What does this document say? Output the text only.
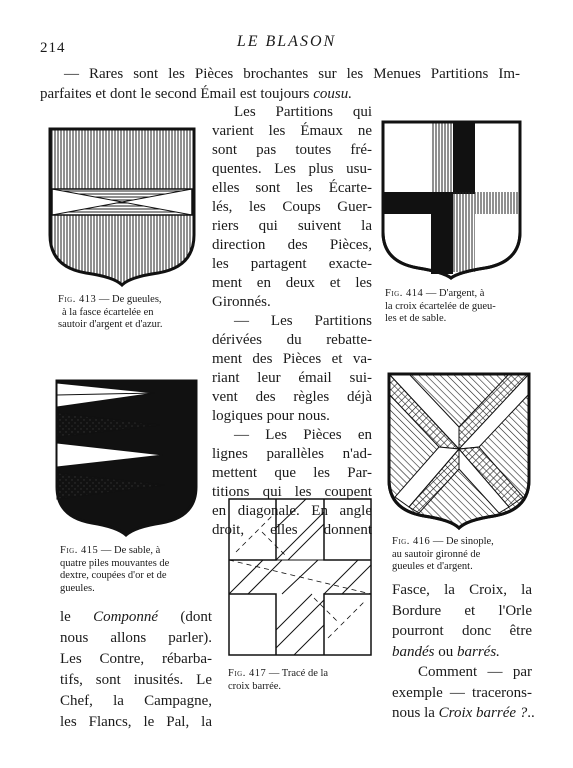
214	LE BLASON
— Rares sont les Pièces brochantes sur les Menues Partitions Im-
parfaites et dont le second Émail est toujours cousu.
Les Partitions qui
varient les Émaux ne
sont pas toutes fré-
quentes. Les plus usu-
elles sont les Écarte-
lés, les Coups Guer-
riers qui suivent la
direction des Pièces,
les partagent exacte-
ment en deux et les
Gironnés.
— Les Partitions
dérivées du rebatte-
ment des Pièces et va-
riant leur émail sui-
vent des règles déjà
logiques pour nous.
— Les Pièces en
lignes parallèles n'ad-
mettent que les Par-
titions qui les coupent
en diagonale. En angle
droit, elles donnent
le Componné (dont
nous allons parler).
Les Contre, rébarba-
tifs, sont inusités. Le
Chef, la Campagne,
les Flancs, le Pal, la
Fasce, la Croix, la
Bordure et l'Orle
pourront donc être
bandés ou barrés.
Comment — par
exemple — tracerons-
nous la Croix barrée ?..
Fig. 413 — De gueules,
à la fasce écartelée en
sautoir d'argent et d'azur.
Fig. 414 — D'argent, à
la croix écartelée de gueu-
les et de sable.
Fig. 415 — De sable, à
quatre piles mouvantes de
dextre, coupées d'or et de
gueules.
Fig. 416 — De sinople,
au sautoir gironné de
gueules et d'argent.
Fig. 417 — Tracé de la
croix barrée.
